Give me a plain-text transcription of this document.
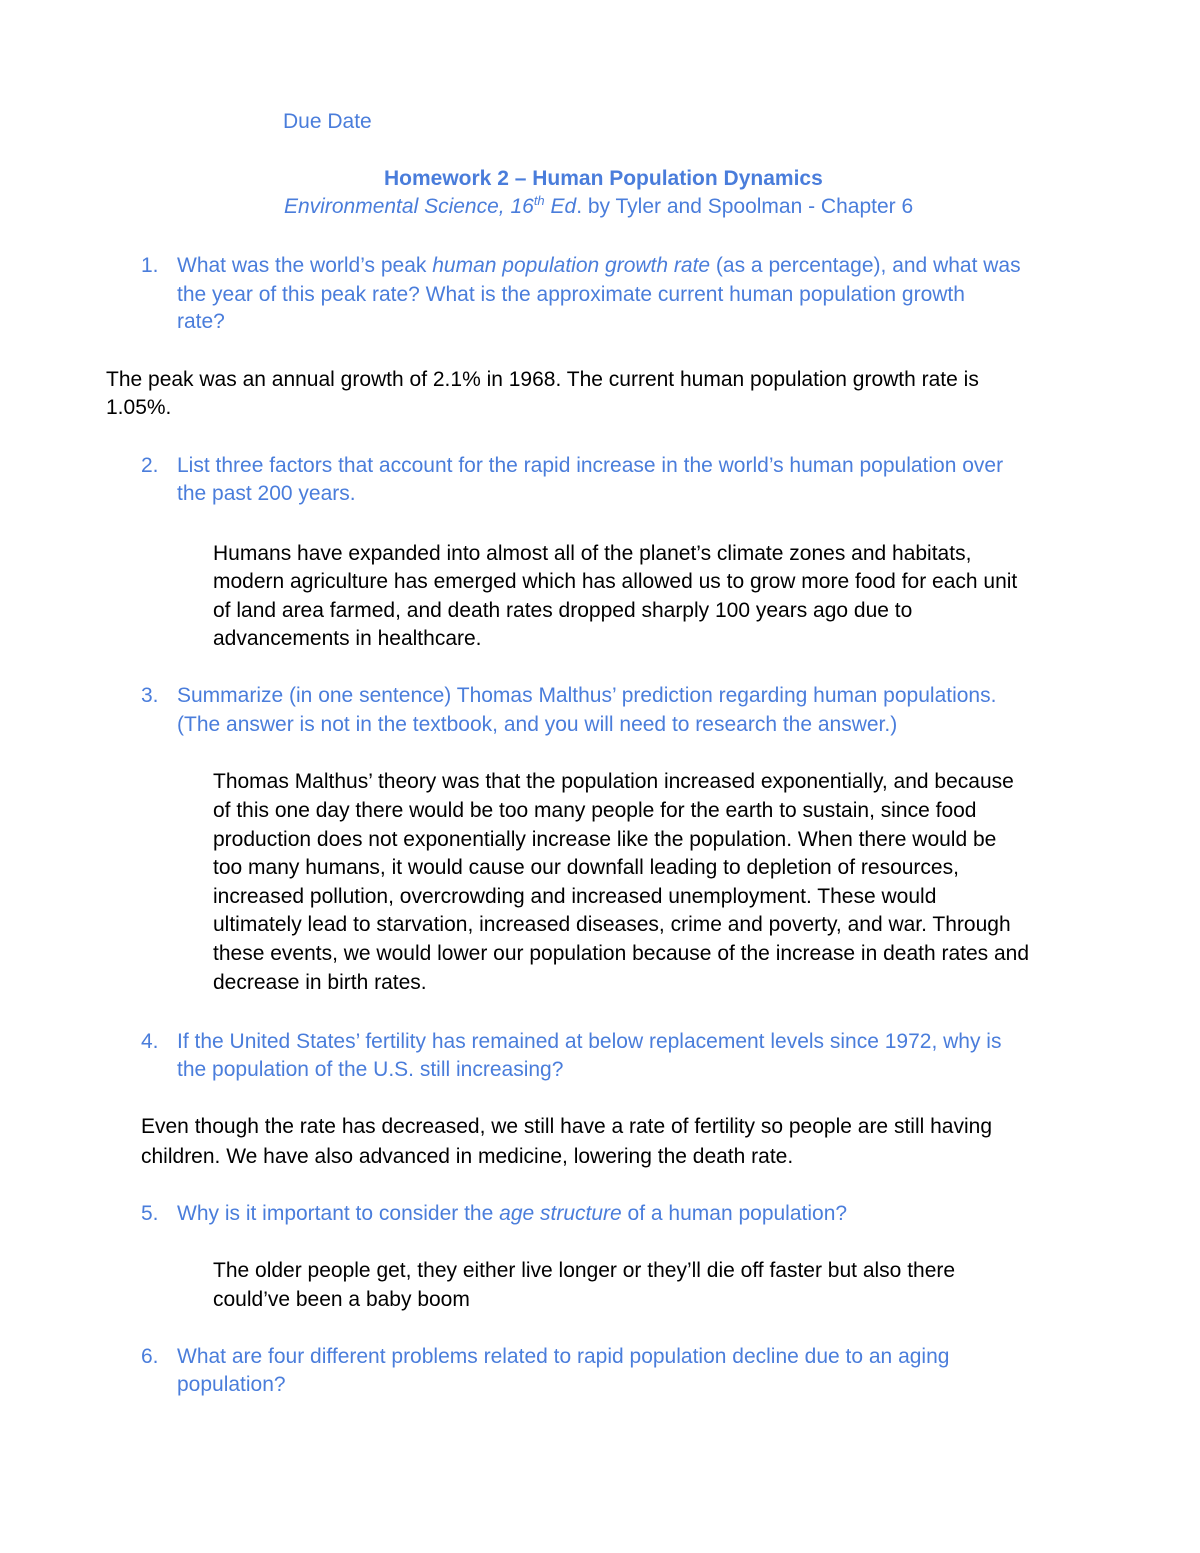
Due Date
Homework 2 – Human Population Dynamics
Environmental Science, 16th Ed. by Tyler and Spoolman - Chapter 6
1. What was the world’s peak human population growth rate (as a percentage), and what was
the year of this peak rate? What is the approximate current human population growth
rate?
The peak was an annual growth of 2.1% in 1968. The current human population growth rate is
1.05%.
2. List three factors that account for the rapid increase in the world’s human population over
the past 200 years.
Humans have expanded into almost all of the planet’s climate zones and habitats,
modern agriculture has emerged which has allowed us to grow more food for each unit
of land area farmed, and death rates dropped sharply 100 years ago due to
advancements in healthcare.
3. Summarize (in one sentence) Thomas Malthus’ prediction regarding human populations.
(The answer is not in the textbook, and you will need to research the answer.)
Thomas Malthus’ theory was that the population increased exponentially, and because
of this one day there would be too many people for the earth to sustain, since food
production does not exponentially increase like the population. When there would be
too many humans, it would cause our downfall leading to depletion of resources,
increased pollution, overcrowding and increased unemployment. These would
ultimately lead to starvation, increased diseases, crime and poverty, and war. Through
these events, we would lower our population because of the increase in death rates and
decrease in birth rates.
4. If the United States’ fertility has remained at below replacement levels since 1972, why is
the population of the U.S. still increasing?
Even though the rate has decreased, we still have a rate of fertility so people are still having
children. We have also advanced in medicine, lowering the death rate.
5. Why is it important to consider the age structure of a human population?
The older people get, they either live longer or they’ll die off faster but also there
could’ve been a baby boom
6. What are four different problems related to rapid population decline due to an aging
population?
